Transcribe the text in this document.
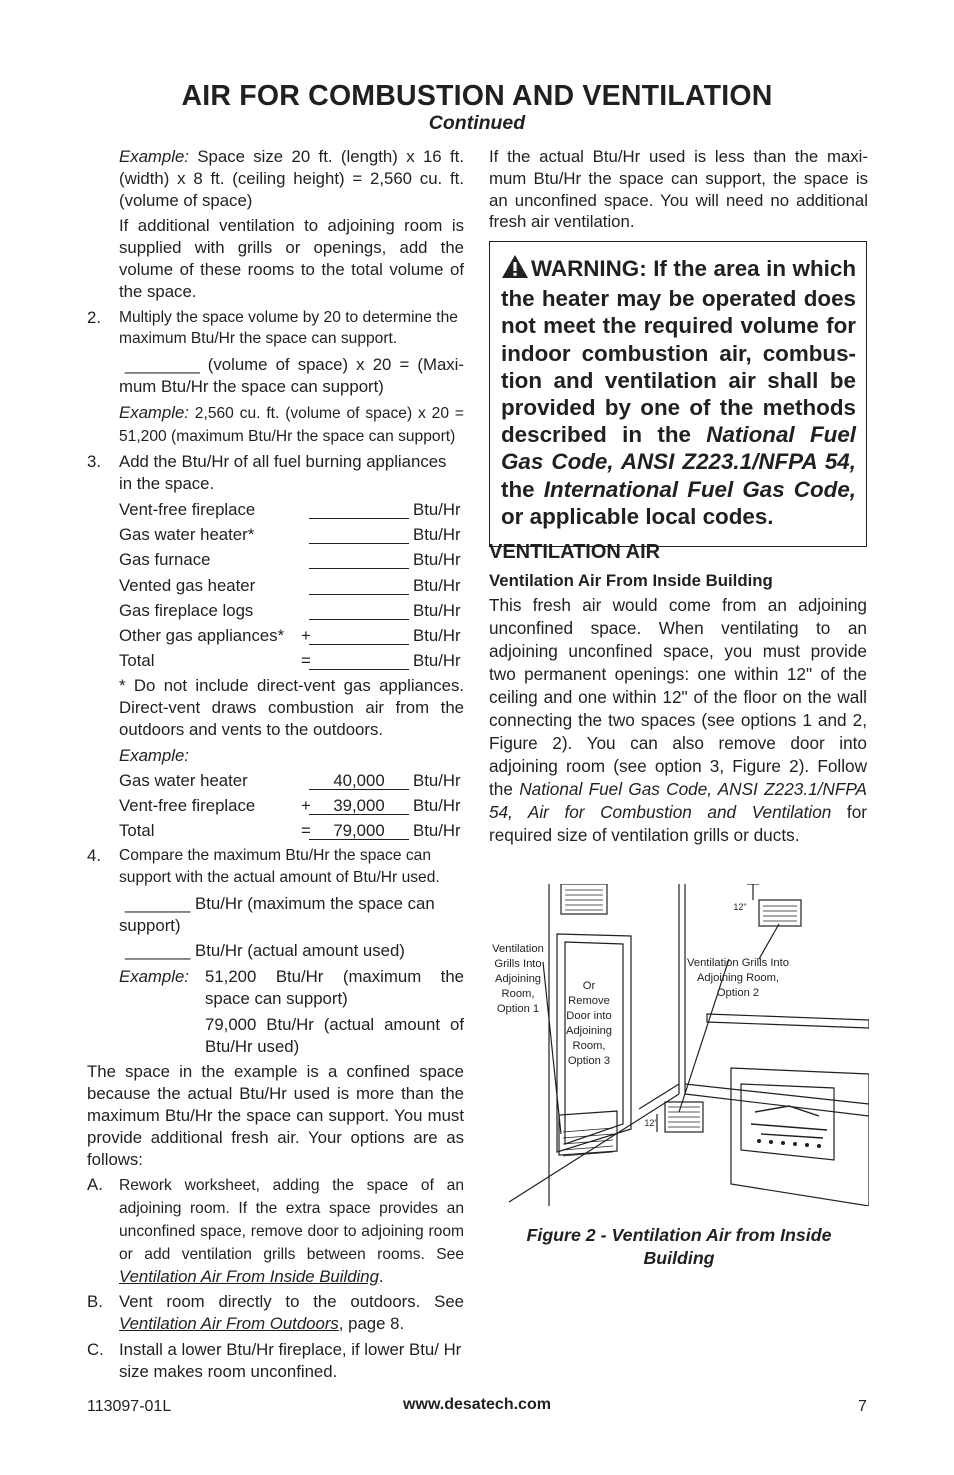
AIR FOR COMBUSTION AND VENTILATION
Continued

Example: Space size 20 ft. (length) x 16 ft. (width) x 8 ft. (ceiling height) = 2,560 cu. ft. (volume of space)

If additional ventilation to adjoining room is supplied with grills or openings, add the volume of these rooms to the total volume of the space.

2.	Multiply the space volume by 20 to determine the maximum Btu/Hr the space can support.

________ (volume of space) x 20 = (Maxi-mum Btu/Hr the space can support)

Example: 2,560 cu. ft. (volume of space) x 20 = 51,200 (maximum Btu/Hr the space can support)

3.	Add the Btu/Hr of all fuel burning appliances in the space.
Vent-free fireplace	Btu/Hr
Gas water heater*	Btu/Hr
Gas furnace	Btu/Hr
Vented gas heater	Btu/Hr
Gas fireplace logs	Btu/Hr
Other gas appliances*	+	Btu/Hr
Total	=	Btu/Hr

* Do not include direct-vent gas appliances. Direct-vent draws combustion air from the outdoors and vents to the outdoors.

Example:

Gas water heater	40,000	Btu/Hr
Vent-free fireplace	+	39,000	Btu/Hr
Total	=	79,000	Btu/Hr
4.	Compare the maximum Btu/Hr the space can support with the actual amount of Btu/Hr used.

_______ Btu/Hr (maximum the space can support)

_______ Btu/Hr (actual amount used)

Example: 51,200 Btu/Hr (maximum the space can support)
79,000 Btu/Hr (actual amount of Btu/Hr used)

The space in the example is a confined space because the actual Btu/Hr used is more than the maximum Btu/Hr the space can support. You must provide additional fresh air. Your options are as follows:

A.	Rework worksheet, adding the space of an adjoining room. If the extra space provides an unconfined space, remove door to adjoining room or add ventilation grills between rooms. See Ventilation Air From Inside Building.
B. Vent room directly to the outdoors. See Ventilation Air From Outdoors, page 8.
C. Install a lower Btu/Hr fireplace, if lower Btu/ Hr size makes room unconfined.

If the actual Btu/Hr used is less than the maxi-mum Btu/Hr the space can support, the space is an unconfined space. You will need no additional fresh air ventilation.

WARNING: If the area in which the heater may be operated does not meet the required volume for indoor combustion air, combus-tion and ventilation air shall be provided by one of the methods described in the National Fuel Gas Code, ANSI Z223.1/NFPA 54, the International Fuel Gas Code, or applicable local codes.
VENTILATION AIR
Ventilation Air From Inside Building

This fresh air would come from an adjoining unconfined space. When ventilating to an adjoining unconfined space, you must provide two permanent openings: one within 12" of the ceiling and one within 12" of the floor on the wall connecting the two spaces (see options 1 and 2, Figure 2). You can also remove door into adjoining room (see option 3, Figure 2). Follow the National Fuel Gas Code, ANSI Z223.1/NFPA 54, Air for Combustion and Ventilation for required size of ventilation grills or ducts.

Ventilation Grills Into Adjoining Room, Option 1
Or Remove Door into Adjoining Room, Option 3
Ventilation Grills Into Adjoining Room, Option 2
12"
12"
Figure 2 - Ventilation Air from Inside Building
113097-01L	www.desatech.com	7
